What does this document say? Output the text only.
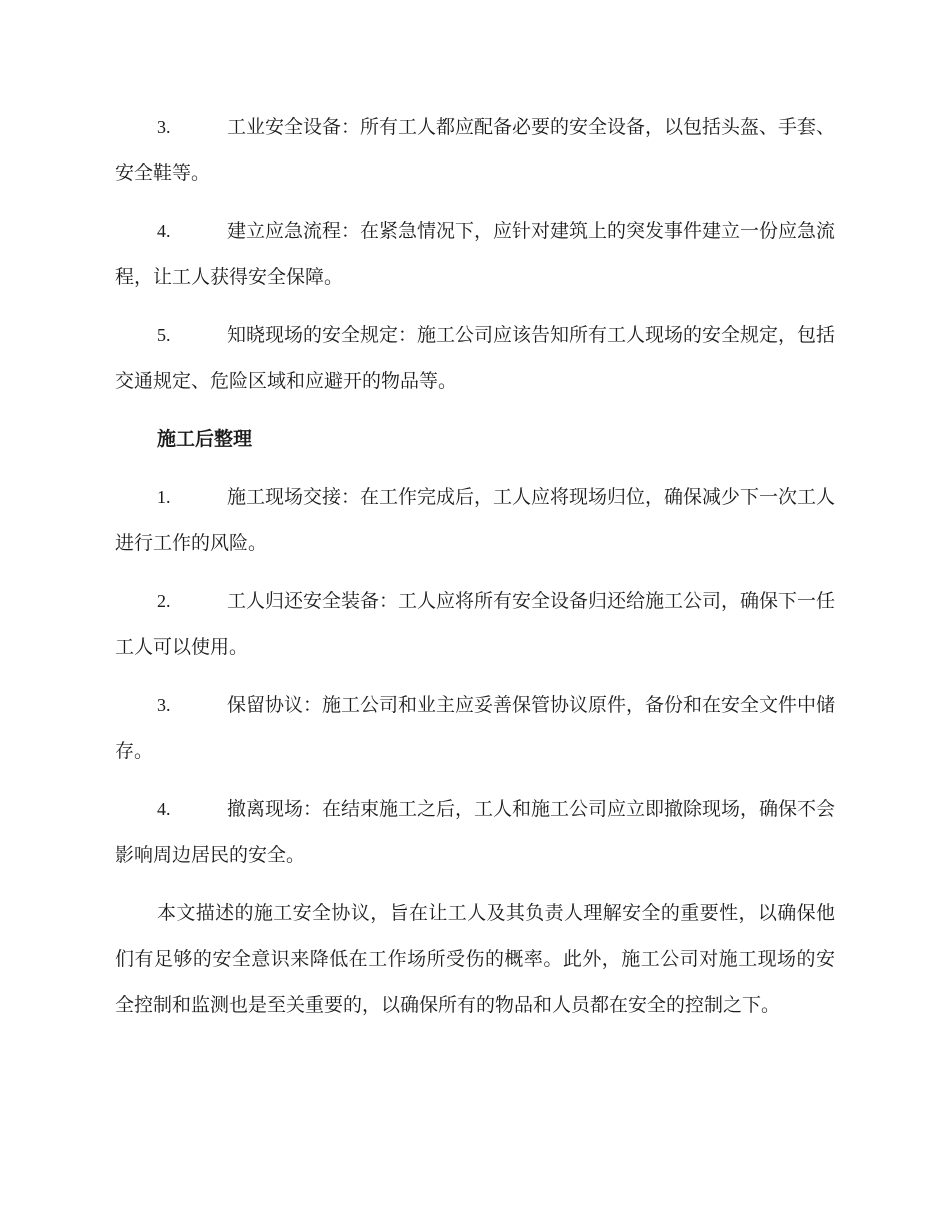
3.	工业安全设备：所有工人都应配备必要的安全设备，以包括头盔、手套、安全鞋等。
4.	建立应急流程：在紧急情况下，应针对建筑上的突发事件建立一份应急流程，让工人获得安全保障。
5.	知晓现场的安全规定：施工公司应该告知所有工人现场的安全规定，包括交通规定、危险区域和应避开的物品等。
施工后整理
1.	施工现场交接：在工作完成后，工人应将现场归位，确保减少下一次工人进行工作的风险。
2.	工人归还安全装备：工人应将所有安全设备归还给施工公司，确保下一任工人可以使用。
3.	保留协议：施工公司和业主应妥善保管协议原件，备份和在安全文件中储存。
4.	撤离现场：在结束施工之后，工人和施工公司应立即撤除现场，确保不会影响周边居民的安全。
本文描述的施工安全协议，旨在让工人及其负责人理解安全的重要性，以确保他们有足够的安全意识来降低在工作场所受伤的概率。此外，施工公司对施工现场的安全控制和监测也是至关重要的，以确保所有的物品和人员都在安全的控制之下。
